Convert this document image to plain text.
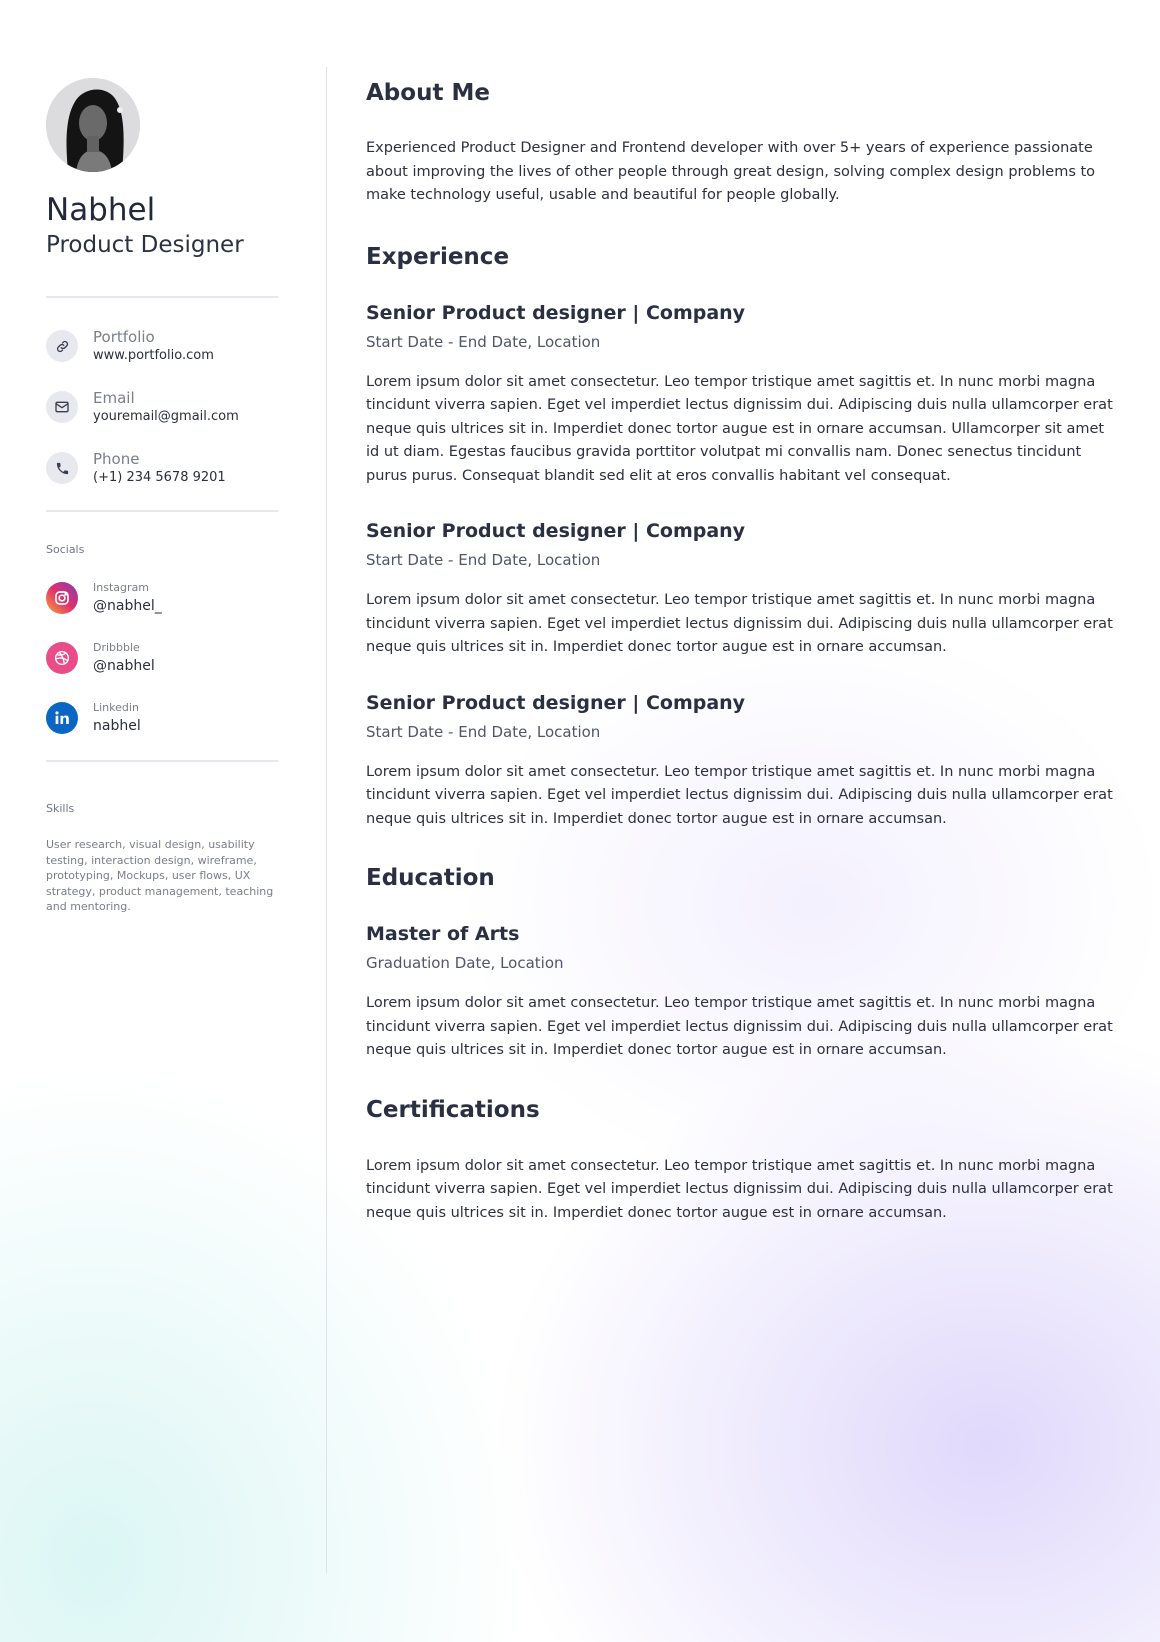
Nabhel
Product Designer
Portfolio
www.portfolio.com
Email
youremail@gmail.com
Phone
(+1) 234 5678 9201
Socials
Instagram
@nabhel_
Dribbble
@nabhel
Linkedin
nabhel
Skills
User research, visual design, usability testing, interaction design, wireframe, prototyping, Mockups, user flows, UX strategy, product management, teaching and mentoring.
About Me

Experienced Product Designer and Frontend developer with over 5+ years of experience passionate about improving the lives of other people through great design, solving complex design problems to make technology useful, usable and beautiful for people globally.

Experience
Senior Product designer | Company
Start Date - End Date, Location

Lorem ipsum dolor sit amet consectetur. Leo tempor tristique amet sagittis et. In nunc morbi magna tincidunt viverra sapien. Eget vel imperdiet lectus dignissim dui. Adipiscing duis nulla ullamcorper erat neque quis ultrices sit in. Imperdiet donec tortor augue est in ornare accumsan. Ullamcorper sit amet id ut diam. Egestas faucibus gravida porttitor volutpat mi convallis nam. Donec senectus tincidunt purus purus. Consequat blandit sed elit at eros convallis habitant vel consequat.

Senior Product designer | Company
Start Date - End Date, Location

Lorem ipsum dolor sit amet consectetur. Leo tempor tristique amet sagittis et. In nunc morbi magna tincidunt viverra sapien. Eget vel imperdiet lectus dignissim dui. Adipiscing duis nulla ullamcorper erat neque quis ultrices sit in. Imperdiet donec tortor augue est in ornare accumsan.

Senior Product designer | Company
Start Date - End Date, Location

Lorem ipsum dolor sit amet consectetur. Leo tempor tristique amet sagittis et. In nunc morbi magna tincidunt viverra sapien. Eget vel imperdiet lectus dignissim dui. Adipiscing duis nulla ullamcorper erat neque quis ultrices sit in. Imperdiet donec tortor augue est in ornare accumsan.

Education
Master of Arts
Graduation Date, Location

Lorem ipsum dolor sit amet consectetur. Leo tempor tristique amet sagittis et. In nunc morbi magna tincidunt viverra sapien. Eget vel imperdiet lectus dignissim dui. Adipiscing duis nulla ullamcorper erat neque quis ultrices sit in. Imperdiet donec tortor augue est in ornare accumsan.

Certifications

Lorem ipsum dolor sit amet consectetur. Leo tempor tristique amet sagittis et. In nunc morbi magna tincidunt viverra sapien. Eget vel imperdiet lectus dignissim dui. Adipiscing duis nulla ullamcorper erat neque quis ultrices sit in. Imperdiet donec tortor augue est in ornare accumsan.
